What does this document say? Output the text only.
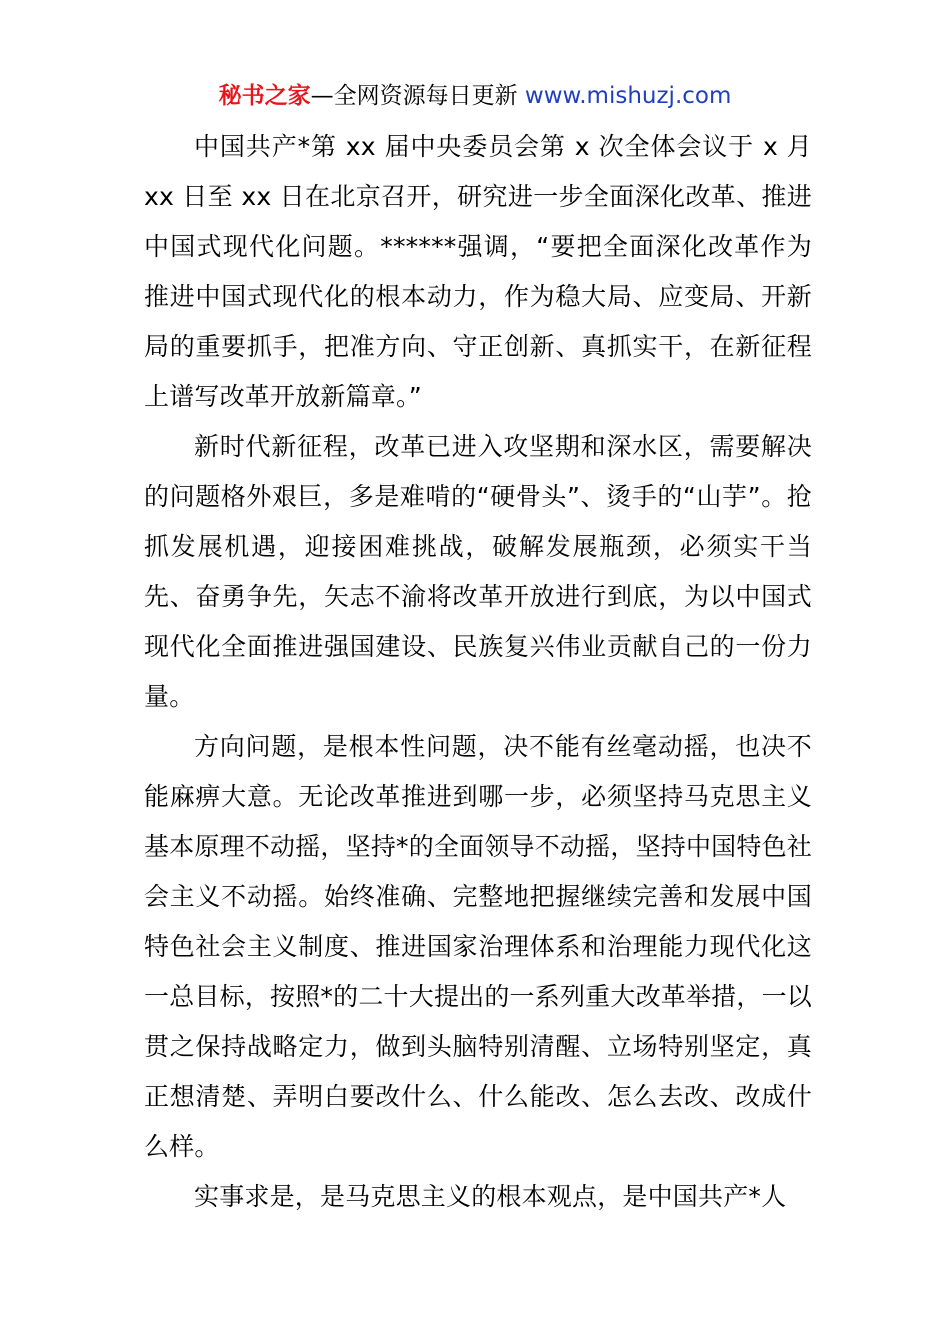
秘书之家—全网资源每日更新 www.mishuzj.com

中国共产*第 xx 届中央委员会第 x 次全体会议于 x 月 xx 日至 xx 日在北京召开，研究进一步全面深化改革、推进中国式现代化问题。******强调，“要把全面深化改革作为推进中国式现代化的根本动力，作为稳大局、应变局、开新局的重要抓手，把准方向、守正创新、真抓实干，在新征程上谱写改革开放新篇章。”

新时代新征程，改革已进入攻坚期和深水区，需要解决的问题格外艰巨，多是难啃的“硬骨头”、烫手的“山芋”。抢抓发展机遇，迎接困难挑战，破解发展瓶颈，必须实干当先、奋勇争先，矢志不渝将改革开放进行到底，为以中国式现代化全面推进强国建设、民族复兴伟业贡献自己的一份力量。

方向问题，是根本性问题，决不能有丝毫动摇，也决不能麻痹大意。无论改革推进到哪一步，必须坚持马克思主义基本原理不动摇，坚持*的全面领导不动摇，坚持中国特色社会主义不动摇。始终准确、完整地把握继续完善和发展中国特色社会主义制度、推进国家治理体系和治理能力现代化这一总目标，按照*的二十大提出的一系列重大改革举措，一以贯之保持战略定力，做到头脑特别清醒、立场特别坚定，真正想清楚、弄明白要改什么、什么能改、怎么去改、改成什么样。

实事求是，是马克思主义的根本观点，是中国共产*人
